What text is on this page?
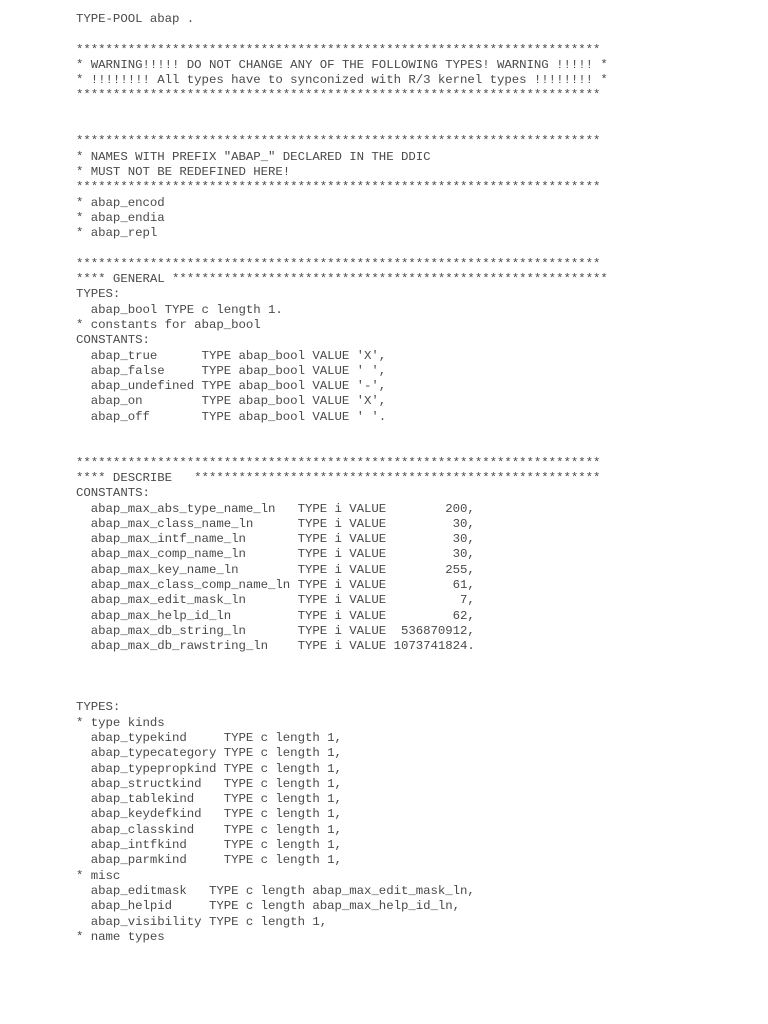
TYPE-POOL abap .
***********************************************************************
* WARNING!!!!! DO NOT CHANGE ANY OF THE FOLLOWING TYPES! WARNING !!!!! *
* !!!!!!!! All types have to synconized with R/3 kernel types !!!!!!!! *
***********************************************************************
***********************************************************************
* NAMES WITH PREFIX "ABAP_" DECLARED IN THE DDIC
* MUST NOT BE REDEFINED HERE!
***********************************************************************
* abap_encod
* abap_endia
* abap_repl
***********************************************************************
**** GENERAL ***********************************************************
TYPES:
abap_bool TYPE c length 1.
* constants for abap_bool
CONSTANTS:
abap_true      TYPE abap_bool VALUE 'X',
abap_false     TYPE abap_bool VALUE ' ',
abap_undefined TYPE abap_bool VALUE '-',
abap_on        TYPE abap_bool VALUE 'X',
abap_off       TYPE abap_bool VALUE ' '.
***********************************************************************
**** DESCRIBE   *******************************************************
CONSTANTS:
abap_max_abs_type_name_ln   TYPE i VALUE        200,
abap_max_class_name_ln      TYPE i VALUE         30,
abap_max_intf_name_ln       TYPE i VALUE         30,
abap_max_comp_name_ln       TYPE i VALUE         30,
abap_max_key_name_ln        TYPE i VALUE        255,
abap_max_class_comp_name_ln TYPE i VALUE         61,
abap_max_edit_mask_ln       TYPE i VALUE          7,
abap_max_help_id_ln         TYPE i VALUE         62,
abap_max_db_string_ln       TYPE i VALUE  536870912,
abap_max_db_rawstring_ln    TYPE i VALUE 1073741824.
TYPES:
* type kinds
abap_typekind     TYPE c length 1,
abap_typecategory TYPE c length 1,
abap_typepropkind TYPE c length 1,
abap_structkind   TYPE c length 1,
abap_tablekind    TYPE c length 1,
abap_keydefkind   TYPE c length 1,
abap_classkind    TYPE c length 1,
abap_intfkind     TYPE c length 1,
abap_parmkind     TYPE c length 1,
* misc
abap_editmask   TYPE c length abap_max_edit_mask_ln,
abap_helpid     TYPE c length abap_max_help_id_ln,
abap_visibility TYPE c length 1,
* name types
